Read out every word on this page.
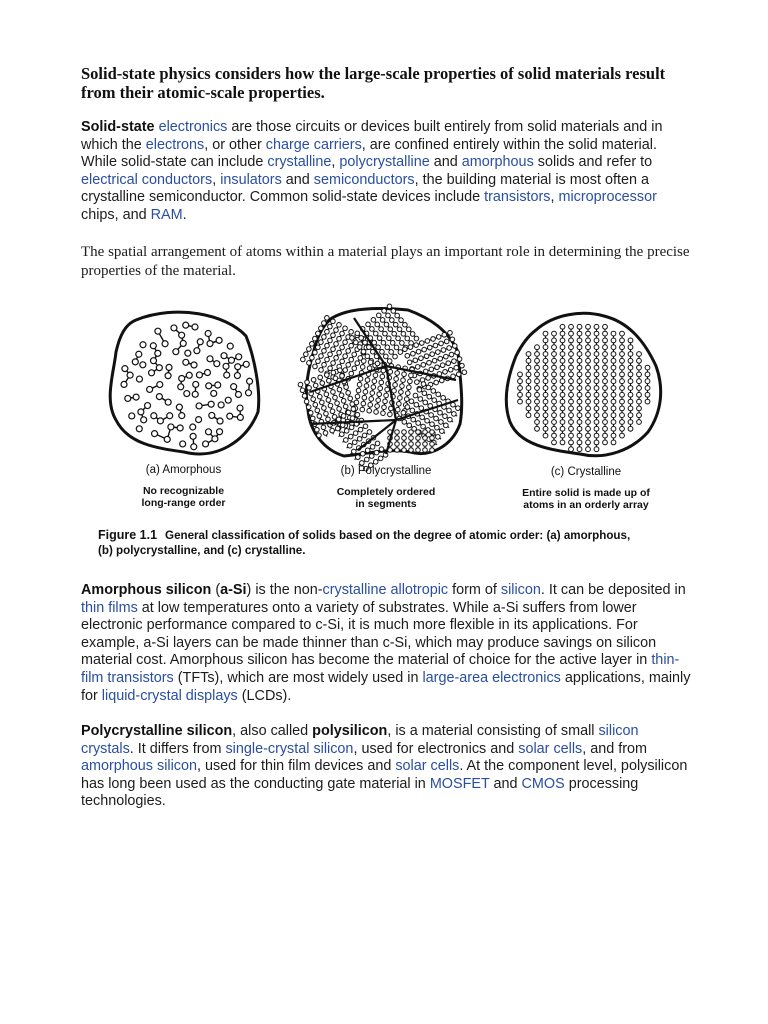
Solid-state physics considers how the large-scale properties of solid materials result from their atomic-scale properties.
Solid-state electronics are those circuits or devices built entirely from solid materials and in which the electrons, or other charge carriers, are confined entirely within the solid material. While solid-state can include crystalline, polycrystalline and amorphous solids and refer to electrical conductors, insulators and semiconductors, the building material is most often a crystalline semiconductor. Common solid-state devices include transistors, microprocessor chips, and RAM.
The spatial arrangement of atoms within a material plays an important role in determining the precise properties of the material.
(a) Amorphous
No recognizable
long-range order
(b) Polycrystalline
Completely ordered
in segments
(c) Crystalline
Entire solid is made up of
atoms in an orderly array
Figure 1.1 General classification of solids based on the degree of atomic order: (a) amorphous,
(b) polycrystalline, and (c) crystalline.
Amorphous silicon (a-Si) is the non-crystalline allotropic form of silicon. It can be deposited in thin films at low temperatures onto a variety of substrates. While a-Si suffers from lower electronic performance compared to c-Si, it is much more flexible in its applications. For example, a-Si layers can be made thinner than c-Si, which may produce savings on silicon material cost. Amorphous silicon has become the material of choice for the active layer in thin-film transistors (TFTs), which are most widely used in large-area electronics applications, mainly for liquid-crystal displays (LCDs).
Polycrystalline silicon, also called polysilicon, is a material consisting of small silicon crystals. It differs from single-crystal silicon, used for electronics and solar cells, and from amorphous silicon, used for thin film devices and solar cells. At the component level, polysilicon has long been used as the conducting gate material in MOSFET and CMOS processing technologies.
